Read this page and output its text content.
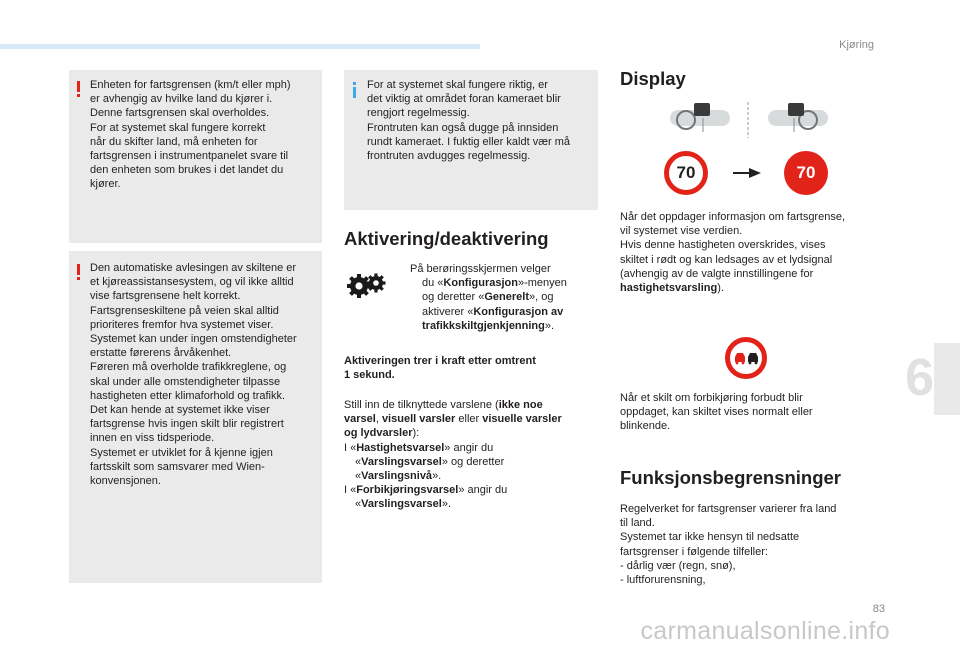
Kjøring

Enheten for fartsgrensen (km/t eller mph)

er avhengig av hvilke land du kjører i.

Denne fartsgrensen skal overholdes.

For at systemet skal fungere korrekt

når du skifter land, må enheten for

fartsgrensen i instrumentpanelet svare til

den enheten som brukes i det landet du

kjører.

Den automatiske avlesingen av skiltene er

et kjøreassistansesystem, og vil ikke alltid

vise fartsgrensene helt korrekt.

Fartsgrenseskiltene på veien skal alltid

prioriteres fremfor hva systemet viser.

Systemet kan under ingen omstendigheter

erstatte førerens årvåkenhet.

Føreren må overholde trafikkreglene, og

skal under alle omstendigheter tilpasse

hastigheten etter klimaforhold og trafikk.

Det kan hende at systemet ikke viser

fartsgrense hvis ingen skilt blir registrert

innen en viss tidsperiode.

Systemet er utviklet for å kjenne igjen

fartsskilt som samsvarer med Wien-

konvensjonen.

For at systemet skal fungere riktig, er

det viktig at området foran kameraet blir

rengjort regelmessig.

Frontruten kan også dugge på innsiden

rundt kameraet. I fuktig eller kaldt vær må

frontruten avdugges regelmessig.

Aktivering/deaktivering

På berøringsskjermen velger

du «Konfigurasjon»-menyen

og deretter «Generelt», og

aktiverer «Konfigurasjon av

trafikkskiltgjenkjenning».

Aktiveringen trer i kraft etter omtrent

1 sekund.

Still inn de tilknyttede varslene (ikke noe

varsel, visuell varsler eller visuelle varsler

og lydvarsler):

I «Hastighetsvarsel» angir du

«Varslingsvarsel» og deretter

«Varslingsnivå».

I «Forbikjøringsvarsel» angir du

«Varslingsvarsel».

Display
70	70

Når det oppdager informasjon om fartsgrense,

vil systemet vise verdien.

Hvis denne hastigheten overskrides, vises

skiltet i rødt og kan ledsages av et lydsignal

(avhengig av de valgte innstillingene for

hastighetsvarsling).

Når et skilt om forbikjøring forbudt blir

oppdaget, kan skiltet vises normalt eller

blinkende.

Funksjonsbegrensninger

Regelverket for fartsgrenser varierer fra land

til land.

Systemet tar ikke hensyn til nedsatte

fartsgrenser i følgende tilfeller:

- dårlig vær (regn, snø),

- luftforurensning,

6
83
carmanualsonline.info
